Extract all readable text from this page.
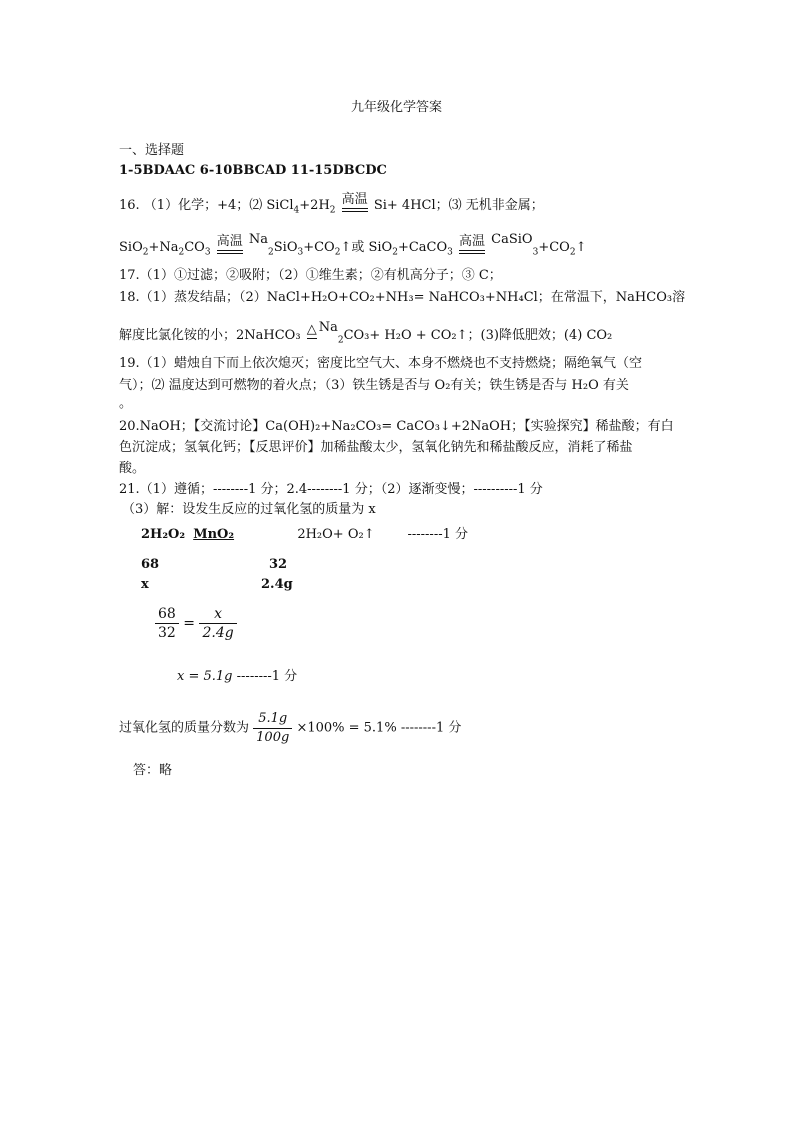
九年级化学答案
一、选择题
1-5BDAAC 6-10BBCAD 11-15DBCDC
16. （1）化学；+4；⑵ $SiCl_4+2H_2$
高温 Si+ 4HCl；⑶ 无机非金属；
$SiO_2+Na_2CO_3$
高温 $Na_2SiO_3+CO_2↑$或 SiO$_2$+CaCO$_3$
高温 $CaSiO_3+CO_2↑$
17.（1）①过滤；②吸附；（2）①维生素；②有机高分子；③ C；
18.（1）蒸发结晶；（2）NaCl+H₂O+CO₂+NH₃= NaHCO₃+NH₄Cl；在常温下，NaHCO₃溶
解度比氯化铵的小；2NaHCO₃ △ $Na_2CO_3+ H_2O$ + CO₂↑；(3)降低肥效；(4) CO₂
19.（1）蜡烛自下而上依次熄灭；密度比空气大、本身不燃烧也不支持燃烧；隔绝氧气（空
气）；⑵ 温度达到可燃物的着火点；（3）铁生锈是否与 O₂有关；铁生锈是否与 H₂O 有关
。
20.NaOH；【交流讨论】Ca(OH)₂+Na₂CO₃= CaCO₃↓+2NaOH；【实验探究】稀盐酸；有白
色沉淀成；氢氧化钙；【反思评价】加稀盐酸太少，氢氧化钠先和稀盐酸反应，消耗了稀盐
酸。
21.（1）遵循；--------1 分；2.4--------1 分；（2）逐渐变慢；----------1 分
（3）解：设发生反应的过氧化氢的质量为 x
2H₂O₂ MnO₂	2H₂O+ O₂↑	--------1 分
68	32
x	2.4g
$\frac{68}{32} = \frac{x}{2.4g}$
x = 5.1g --------1 分
过氧化氢的质量分数为 $\frac{5.1g}{100g} \times 100\% = 5.1\%$ --------1 分
答：略
